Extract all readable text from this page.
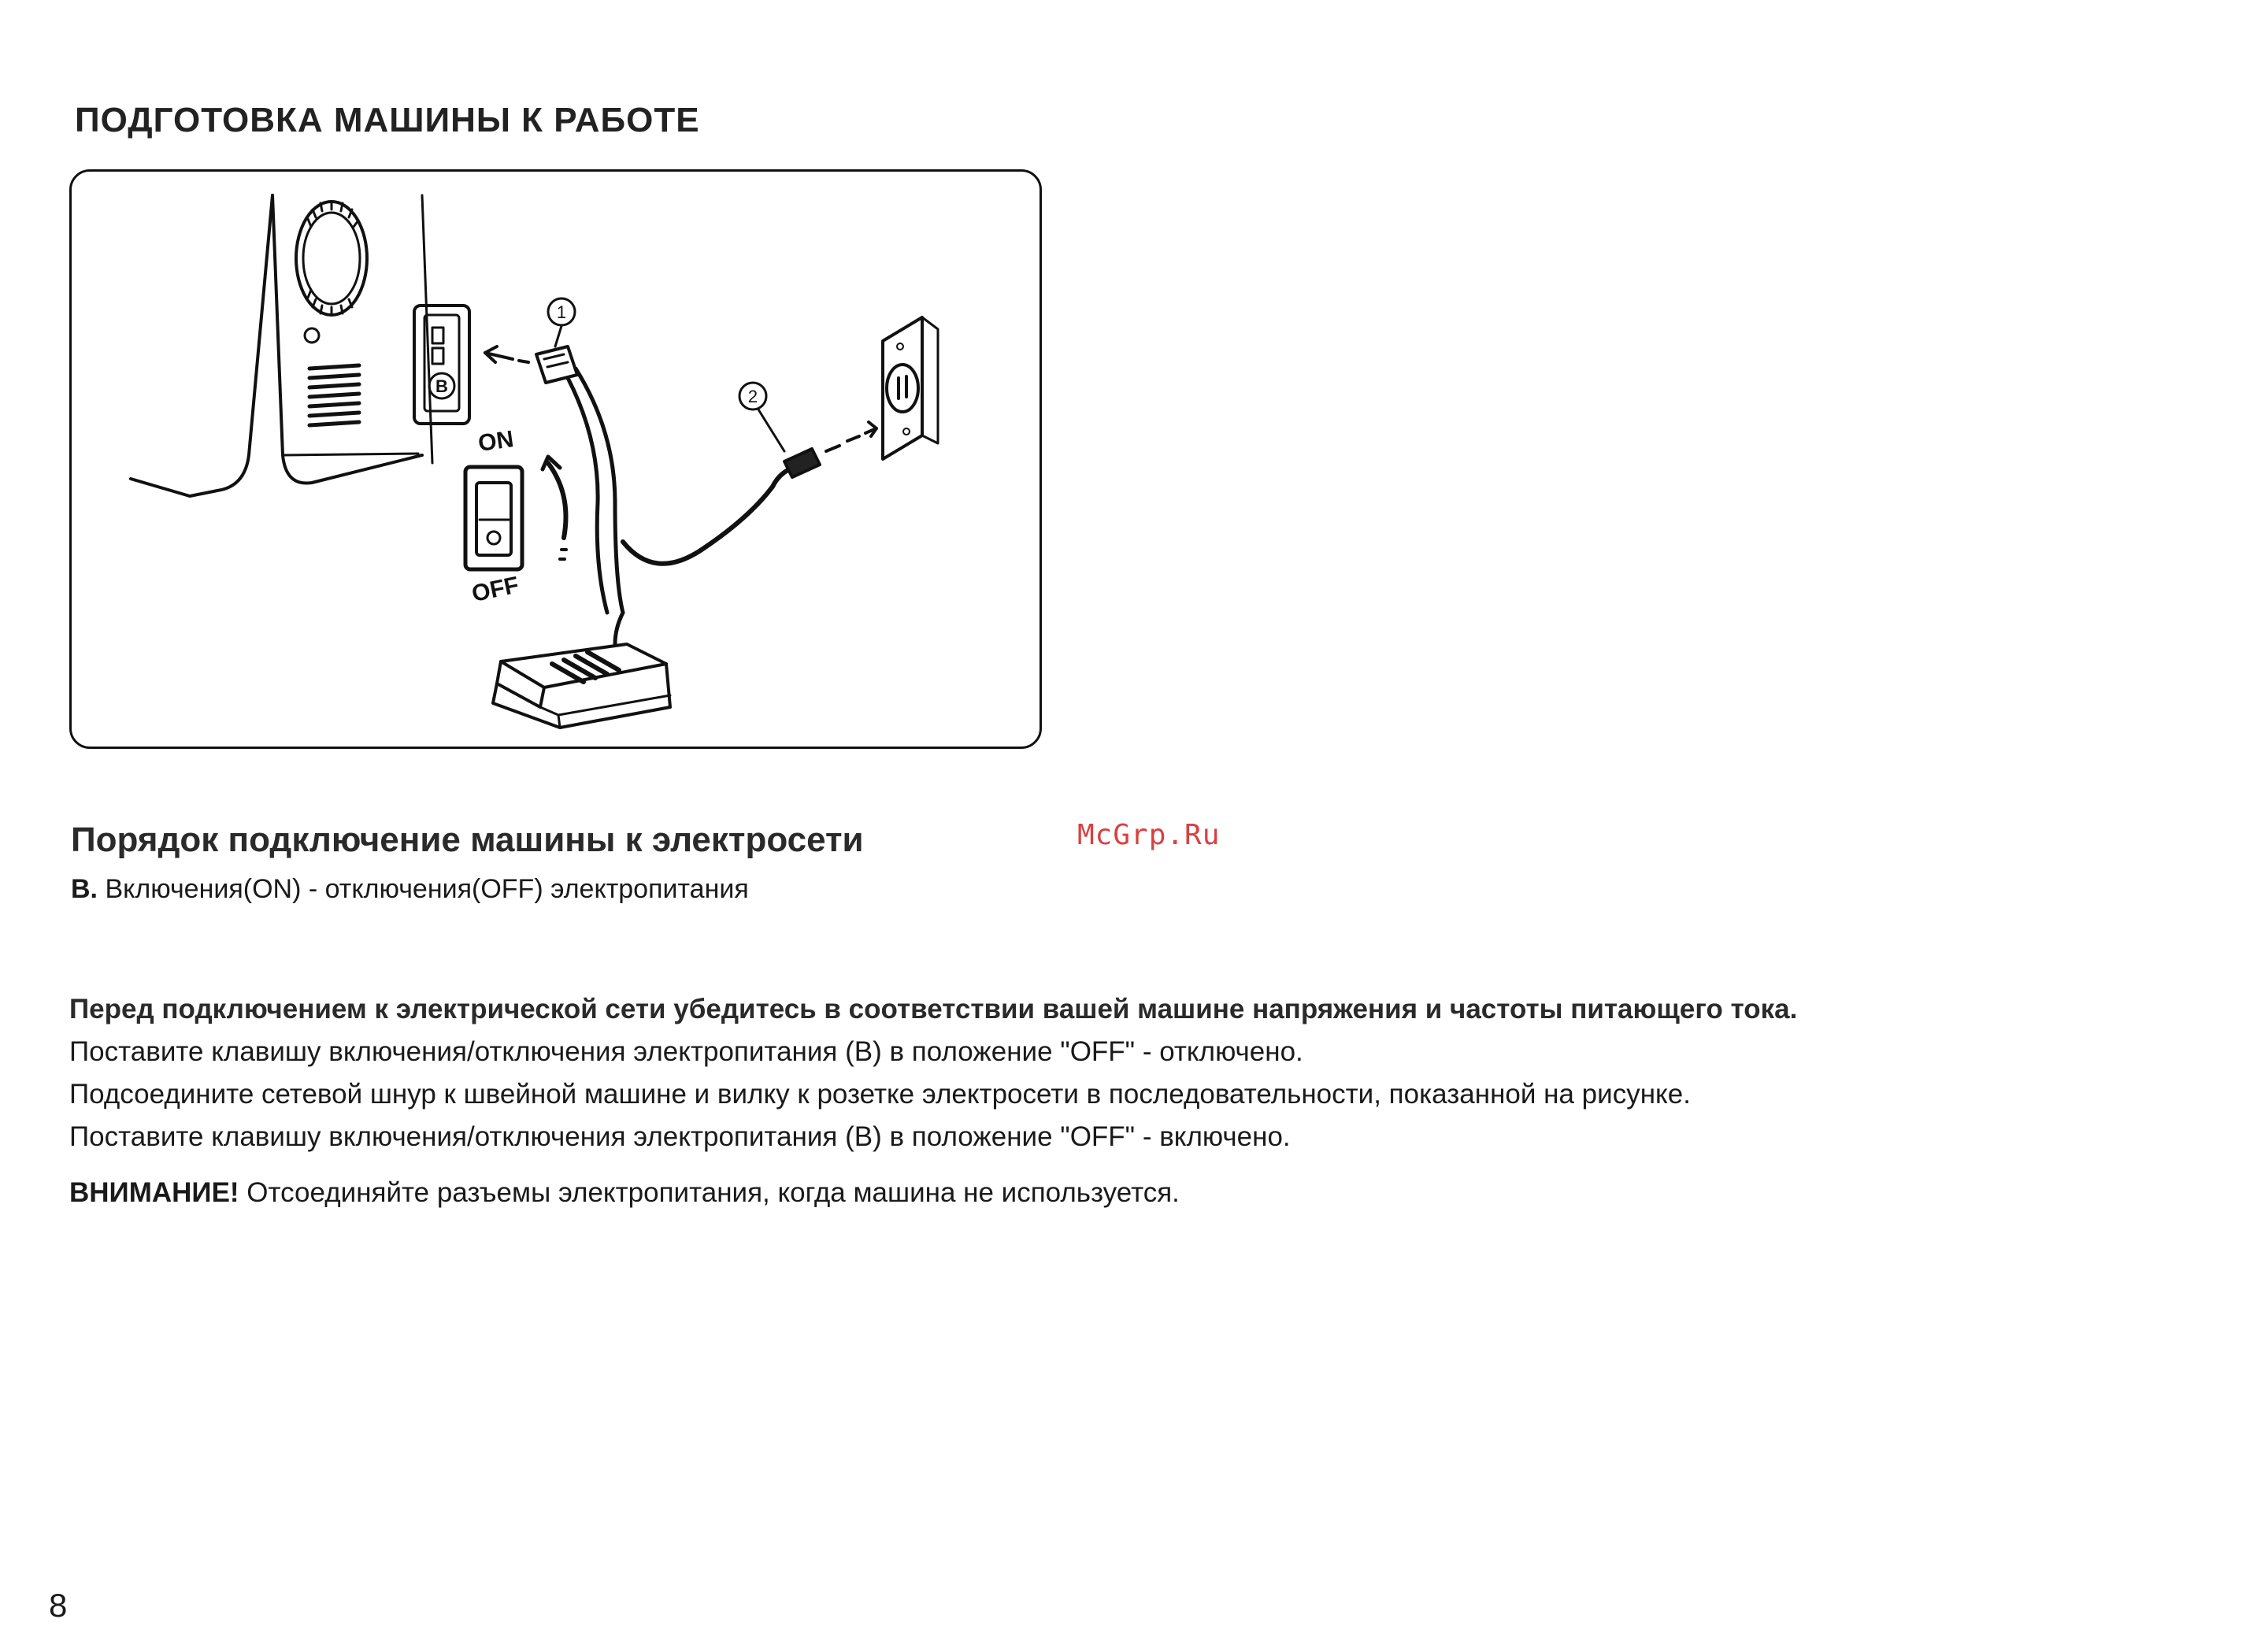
ПОДГОТОВКА МАШИНЫ К РАБОТЕ
B
1
2
ON
OFF
McGrp.Ru
Порядок подключение машины к электросети
B. Включения(ON) - отключения(OFF) электропитания
Перед подключением к электрической сети убедитесь в соответствии вашей машине напряжения и частоты питающего тока.
Поставите клавишу включения/отключения электропитания (B) в положение "OFF" - отключено.
Подсоедините сетевой шнур к швейной машине и вилку к розетке электросети в последовательности, показанной на рисунке.
Поставите клавишу включения/отключения электропитания (B) в положение "OFF" - включено.
ВНИМАНИЕ! Отсоединяйте разъемы электропитания, когда машина не используется.
8
